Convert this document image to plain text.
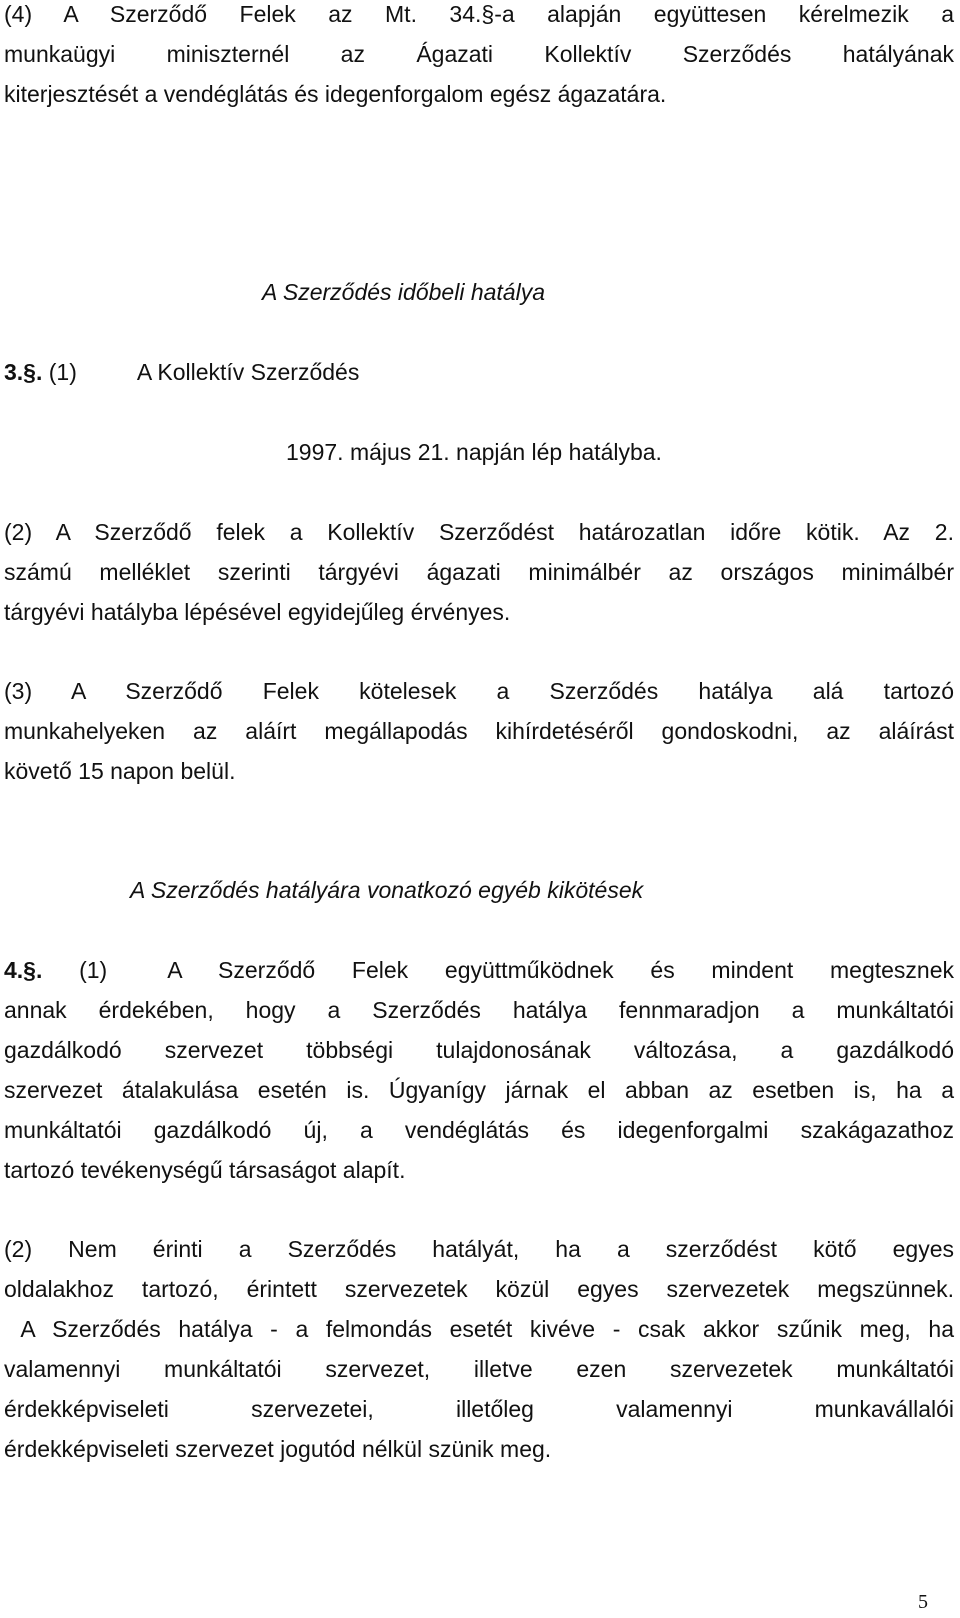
(4) A Szerződő Felek az Mt. 34.§-a alapján együttesen kérelmezik a
munkaügyi miniszternél az Ágazati Kollektív Szerződés hatályának
kiterjesztését a vendéglátás és idegenforgalom egész ágazatára.

A Szerződés időbeli hatálya

3.§. (1)	A Kollektív Szerződés

1997. május 21. napján lép hatályba.

(2) A Szerződő felek a Kollektív Szerződést határozatlan időre kötik. Az 2.
számú melléklet szerinti tárgyévi ágazati minimálbér az országos minimálbér
tárgyévi hatályba lépésével egyidejűleg érvényes.
(3) A Szerződő Felek kötelesek a Szerződés hatálya alá tartozó
munkahelyeken az aláírt megállapodás kihírdetéséről gondoskodni, az aláírást
követő 15 napon belül.

A Szerződés hatályára vonatkozó egyéb kikötések

4.§. (1)	A Szerződő Felek együttműködnek és mindent megtesznek
annak érdekében, hogy a Szerződés hatálya fennmaradjon a munkáltatói
gazdálkodó szervezet többségi tulajdonosának változása, a gazdálkodó
szervezet átalakulása esetén is. Úgyanígy járnak el abban az esetben is, ha a
munkáltatói gazdálkodó új, a vendéglátás és idegenforgalmi szakágazathoz
tartozó tevékenységű társaságot alapít.
(2) Nem érinti a Szerződés hatályát, ha a szerződést kötő egyes
oldalakhoz tartozó, érintett szervezetek közül egyes szervezetek megszünnek.
A Szerződés hatálya - a felmondás esetét kivéve - csak akkor szűnik meg, ha
valamennyi munkáltatói szervezet, illetve ezen szervezetek munkáltatói
érdekképviseleti szervezetei, illetőleg valamennyi munkavállalói
érdekképviseleti szervezet jogutód nélkül szünik meg.

5
